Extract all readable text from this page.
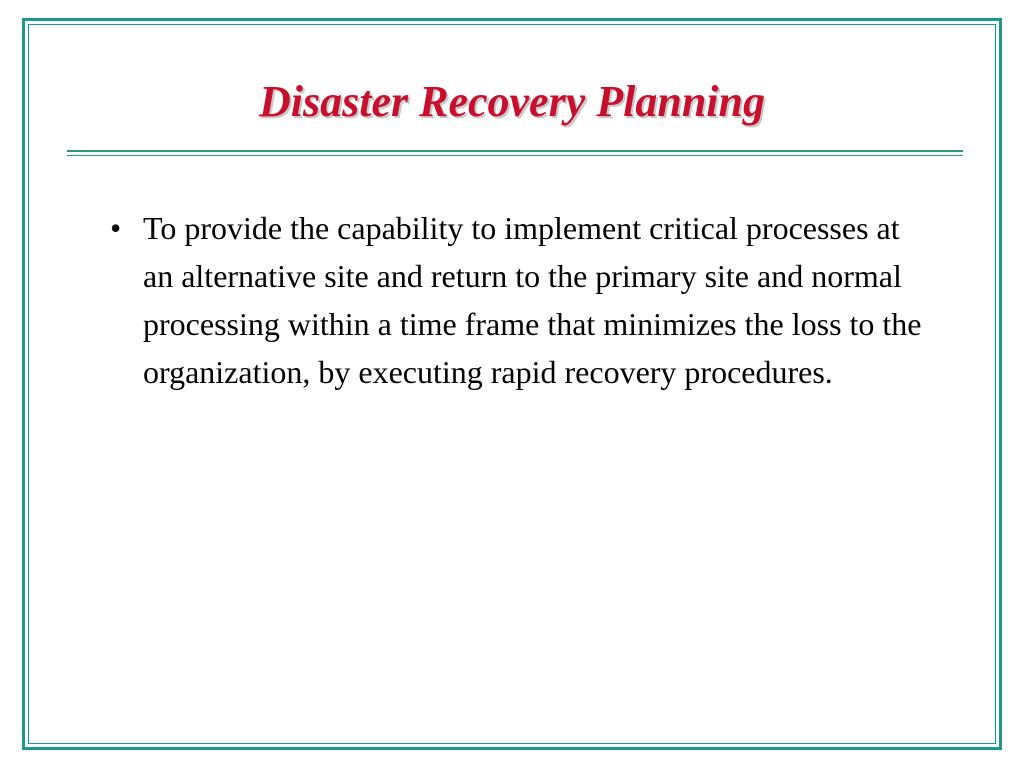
Disaster Recovery Planning
• To provide the capability to implement critical processes at an alternative site and return to the primary site and normal processing within a time frame that minimizes the loss to the organization, by executing rapid recovery procedures.
